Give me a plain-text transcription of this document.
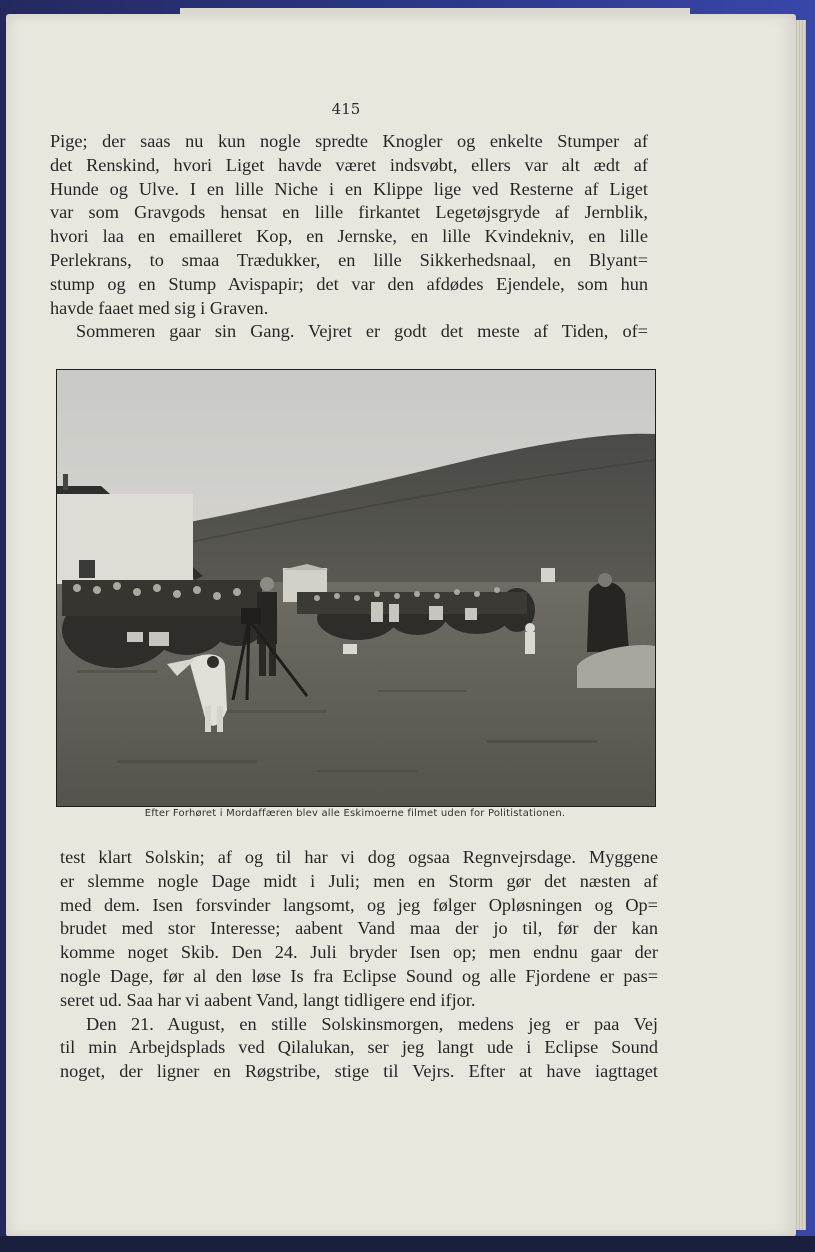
415
Pige; der saas nu kun nogle spredte Knogler og enkelte Stumper af
det Renskind, hvori Liget havde været indsvøbt, ellers var alt ædt af
Hunde og Ulve. I en lille Niche i en Klippe lige ved Resterne af Liget
var som Gravgods hensat en lille firkantet Legetøjsgryde af Jernblik,
hvori laa en emailleret Kop, en Jernske, en lille Kvindekniv, en lille
Perlekrans, to smaa Trædukker, en lille Sikkerhedsnaal, en Blyant=
stump og en Stump Avispapir; det var den afdødes Ejendele, som hun
havde faaet med sig i Graven.
Sommeren gaar sin Gang. Vejret er godt det meste af Tiden, of=
Efter Forhøret i Mordaffæren blev alle Eskimoerne filmet uden for Politistationen.
test klart Solskin; af og til har vi dog ogsaa Regnvejrsdage. Myggene
er slemme nogle Dage midt i Juli; men en Storm gør det næsten af
med dem. Isen forsvinder langsomt, og jeg følger Opløsningen og Op=
brudet med stor Interesse; aabent Vand maa der jo til, før der kan
komme noget Skib. Den 24. Juli bryder Isen op; men endnu gaar der
nogle Dage, før al den løse Is fra Eclipse Sound og alle Fjordene er pas=
seret ud. Saa har vi aabent Vand, langt tidligere end ifjor.
Den 21. August, en stille Solskinsmorgen, medens jeg er paa Vej
til min Arbejdsplads ved Qilalukan, ser jeg langt ude i Eclipse Sound
noget, der ligner en Røgstribe, stige til Vejrs. Efter at have iagttaget
